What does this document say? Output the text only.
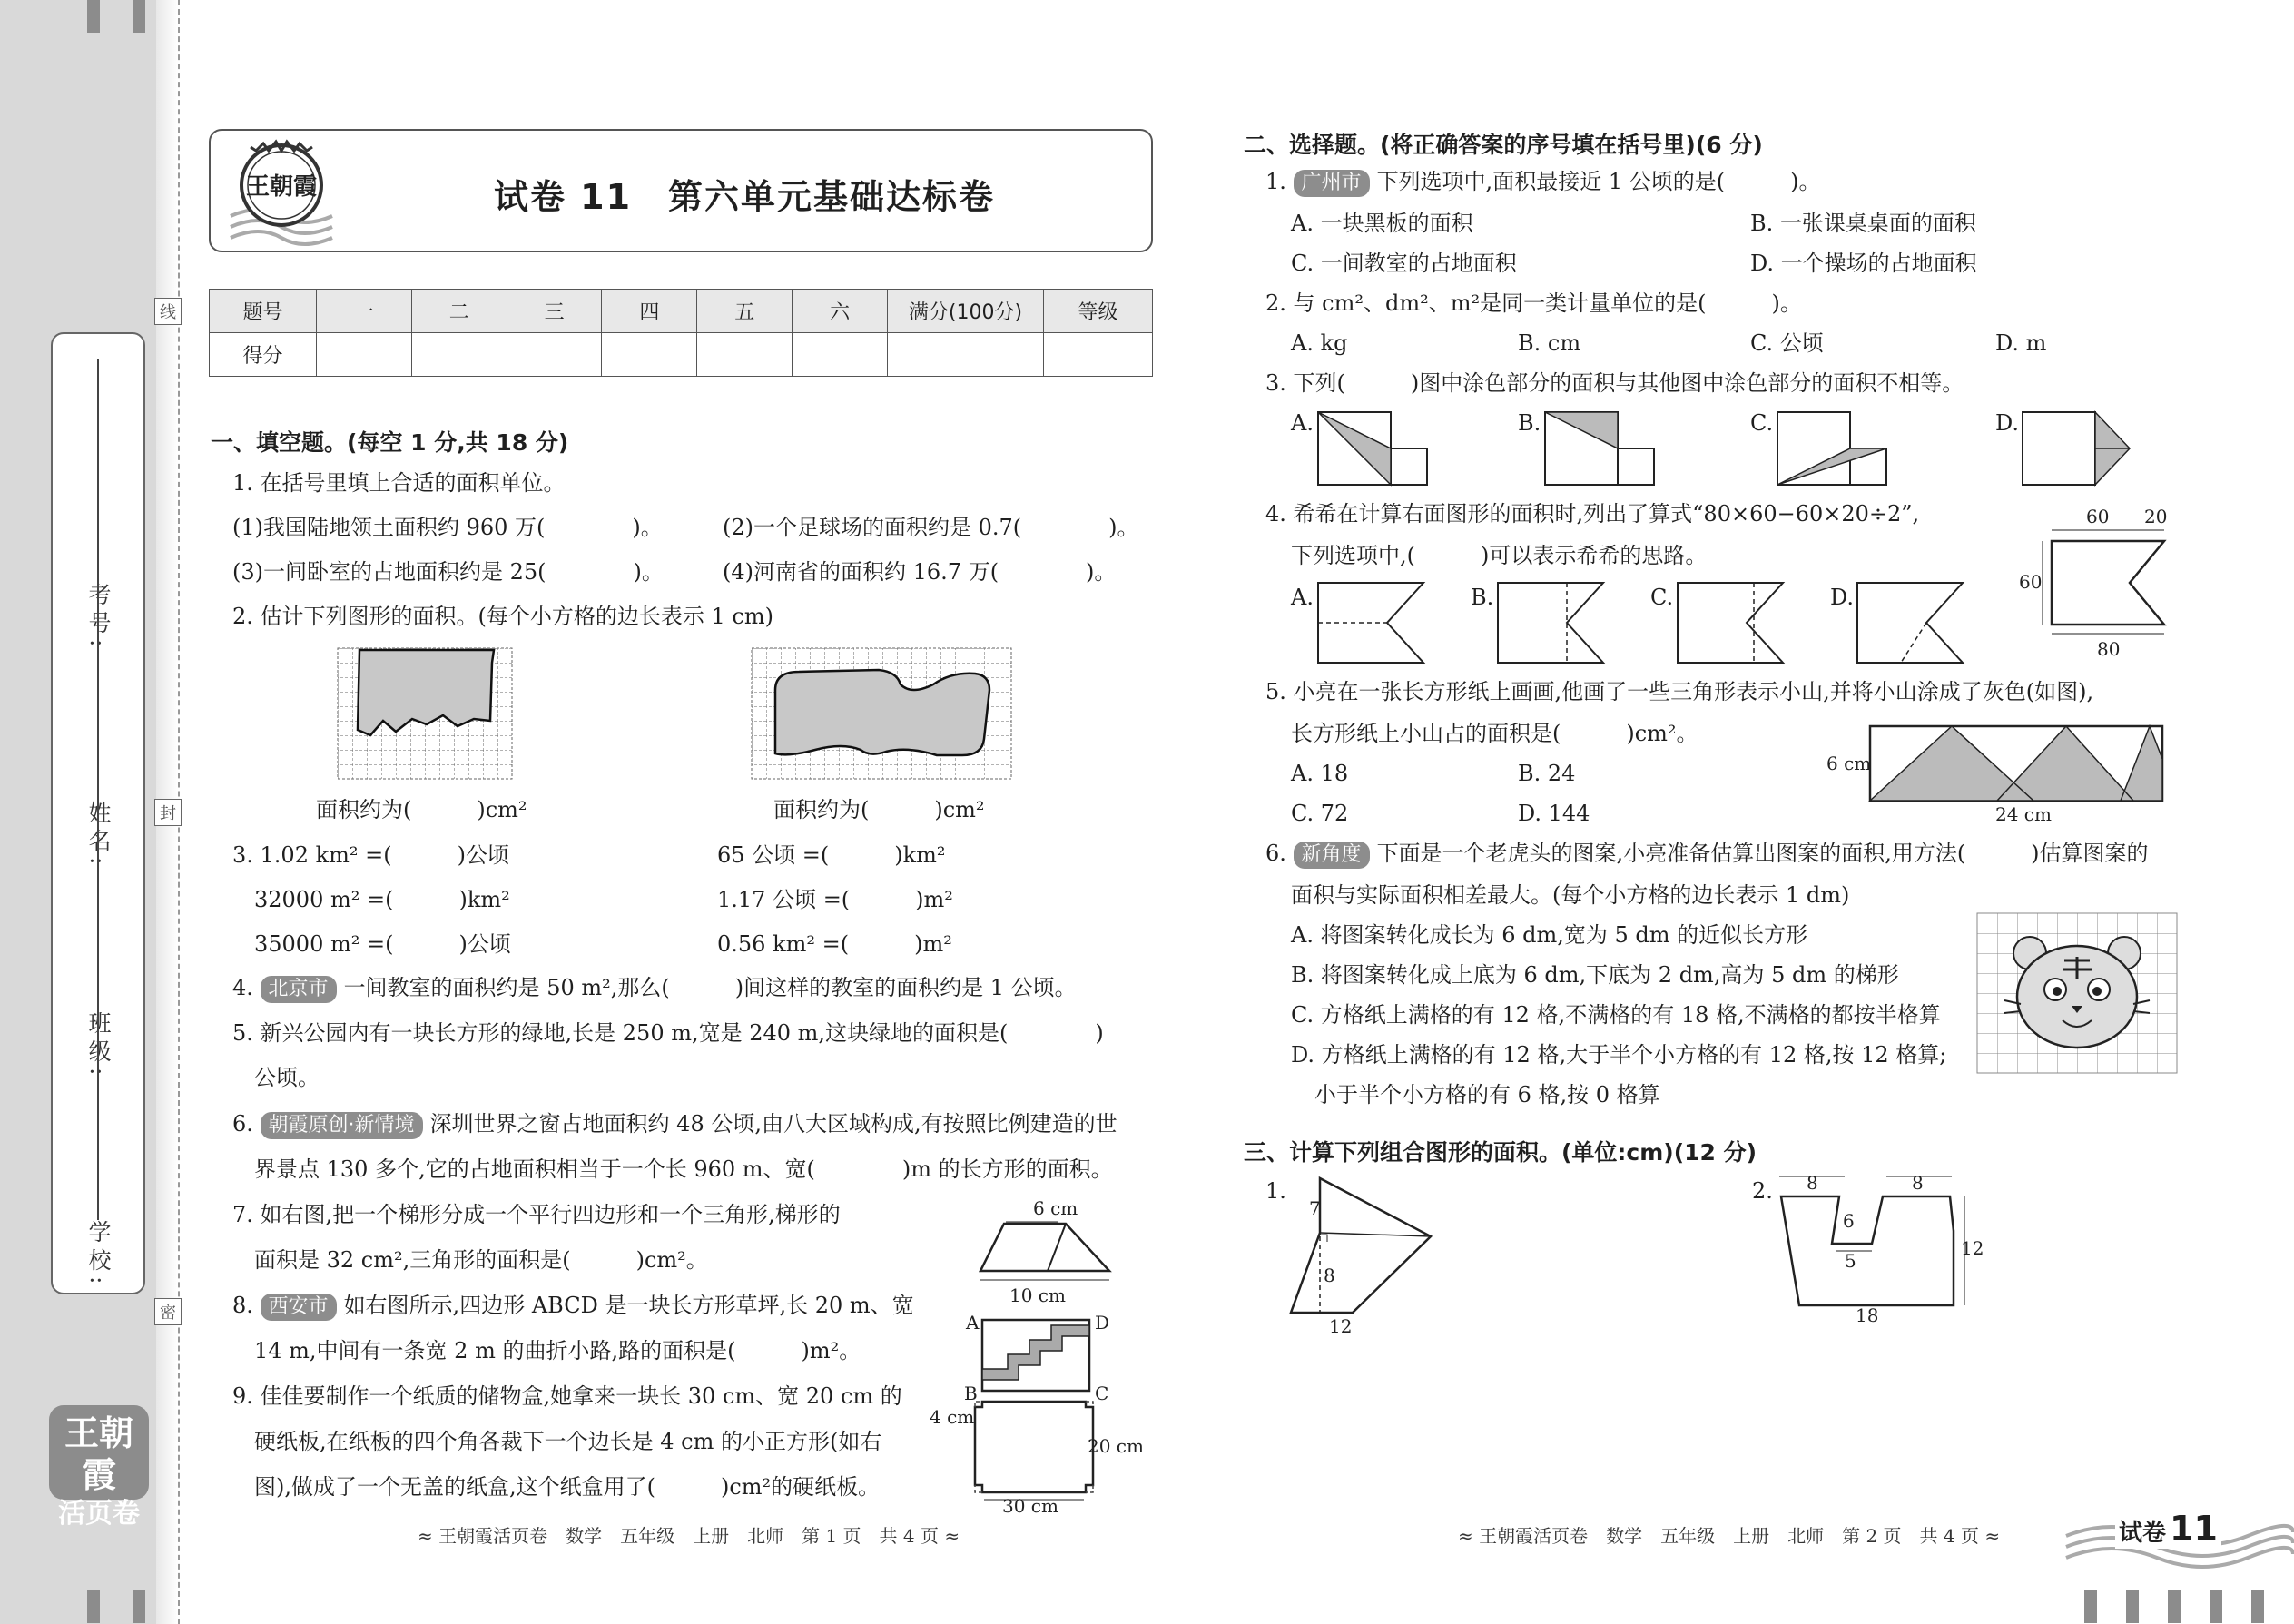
考号:
姓名:
班级:
学校:
线
封
密
王朝霞
活页卷
王朝霞	试卷 11　第六单元基础达标卷
题号	一	二	三	四	五	六	满分(100分)	等级
得分								
一、填空题。(每空 1 分,共 18 分)
1. 在括号里填上合适的面积单位。
(1)我国陆地领土面积约 960 万(　　　　)。	(2)一个足球场的面积约是 0.7(　　　　)。
(3)一间卧室的占地面积约是 25(　　　　)。	(4)河南省的面积约 16.7 万(　　　　)。
2. 估计下列图形的面积。(每个小方格的边长表示 1 cm)
面积约为(　　　)cm²	面积约为(　　　)cm²
3. 1.02 km² =(　　　)公顷	65 公顷 =(　　　)km²
32000 m² =(　　　)km²	1.17 公顷 =(　　　)m²
35000 m² =(　　　)公顷	0.56 km² =(　　　)m²
4. 北京市 一间教室的面积约是 50 m²,那么(　　　)间这样的教室的面积约是 1 公顷。
5. 新兴公园内有一块长方形的绿地,长是 250 m,宽是 240 m,这块绿地的面积是(　　　　)
公顷。
6. 朝霞原创·新情境 深圳世界之窗占地面积约 48 公顷,由八大区域构成,有按照比例建造的世
界景点 130 多个,它的占地面积相当于一个长 960 m、宽(　　　　)m 的长方形的面积。
7. 如右图,把一个梯形分成一个平行四边形和一个三角形,梯形的
面积是 32 cm²,三角形的面积是(　　　)cm²。
6 cm
10 cm
8. 西安市 如右图所示,四边形 ABCD 是一块长方形草坪,长 20 m、宽
14 m,中间有一条宽 2 m 的曲折小路,路的面积是(　　　)m²。
A	D
B	C
9. 佳佳要制作一个纸质的储物盒,她拿来一块长 30 cm、宽 20 cm 的
硬纸板,在纸板的四个角各裁下一个边长是 4 cm 的小正方形(如右
图),做成了一个无盖的纸盒,这个纸盒用了(　　　)cm²的硬纸板。
4 cm
30 cm
20 cm
≈ 王朝霞活页卷　数学　五年级　上册　北师　第 1 页　共 4 页 ≈
二、选择题。(将正确答案的序号填在括号里)(6 分)
1. 广州市 下列选项中,面积最接近 1 公顷的是(　　　)。
A. 一块黑板的面积	B. 一张课桌桌面的面积
C. 一间教室的占地面积	D. 一个操场的占地面积
2. 与 cm²、dm²、m²是同一类计量单位的是(　　　)。
A. kg	B. cm	C. 公顷	D. m
3. 下列(　　　)图中涂色部分的面积与其他图中涂色部分的面积不相等。
A.	B.	C.	D.
4. 希希在计算右面图形的面积时,列出了算式“80×60−60×20÷2”,
下列选项中,(　　　)可以表示希希的思路。
60 20
60
80
A.	B.	C.	D.
5. 小亮在一张长方形纸上画画,他画了一些三角形表示小山,并将小山涂成了灰色(如图),
长方形纸上小山占的面积是(　　　)cm²。
A. 18	B. 24
C. 72	D. 144
6 cm
24 cm
6. 新角度 下面是一个老虎头的图案,小亮准备估算出图案的面积,用方法(　　　)估算图案的
面积与实际面积相差最大。(每个小方格的边长表示 1 dm)
A. 将图案转化成长为 6 dm,宽为 5 dm 的近似长方形
B. 将图案转化成上底为 6 dm,下底为 2 dm,高为 5 dm 的梯形
C. 方格纸上满格的有 12 格,不满格的有 18 格,不满格的都按半格算
D. 方格纸上满格的有 12 格,大于半个小方格的有 12 格,按 12 格算;
小于半个小方格的有 6 格,按 0 格算
三、计算下列组合图形的面积。(单位:cm)(12 分)
1.
7
8
12
2. 8	8
6
5
12
18
≈ 王朝霞活页卷　数学　五年级　上册　北师　第 2 页　共 4 页 ≈	试卷 11
